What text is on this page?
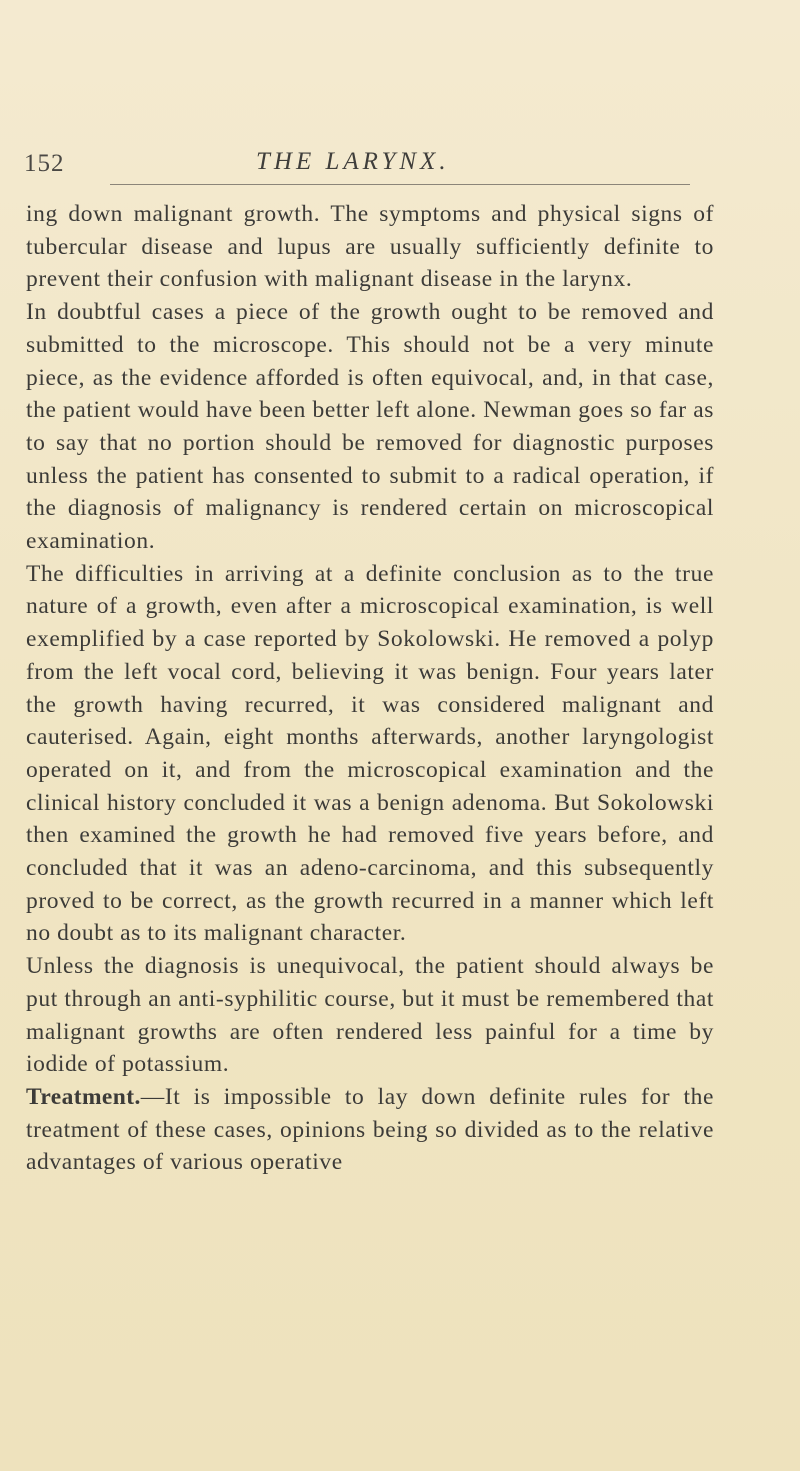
152	THE LARYNX.

ing down malignant growth. The symptoms and physical signs of tubercular disease and lupus are usually sufficiently definite to prevent their confusion with malignant disease in the larynx.

In doubtful cases a piece of the growth ought to be removed and submitted to the microscope. This should not be a very minute piece, as the evidence afforded is often equivocal, and, in that case, the patient would have been better left alone. Newman goes so far as to say that no portion should be removed for diagnostic purposes unless the patient has consented to submit to a radical operation, if the diagnosis of malignancy is rendered certain on microscopical examination.

The difficulties in arriving at a definite conclusion as to the true nature of a growth, even after a microscopical examination, is well exemplified by a case reported by Sokolowski. He removed a polyp from the left vocal cord, believing it was benign. Four years later the growth having recurred, it was considered malignant and cauterised. Again, eight months afterwards, another laryngologist operated on it, and from the microscopical examination and the clinical history concluded it was a benign adenoma. But Sokolowski then examined the growth he had removed five years before, and concluded that it was an adeno-carcinoma, and this subsequently proved to be correct, as the growth recurred in a manner which left no doubt as to its malignant character.

Unless the diagnosis is unequivocal, the patient should always be put through an anti-syphilitic course, but it must be remembered that malignant growths are often rendered less painful for a time by iodide of potassium.

Treatment.—It is impossible to lay down definite rules for the treatment of these cases, opinions being so divided as to the relative advantages of various operative
